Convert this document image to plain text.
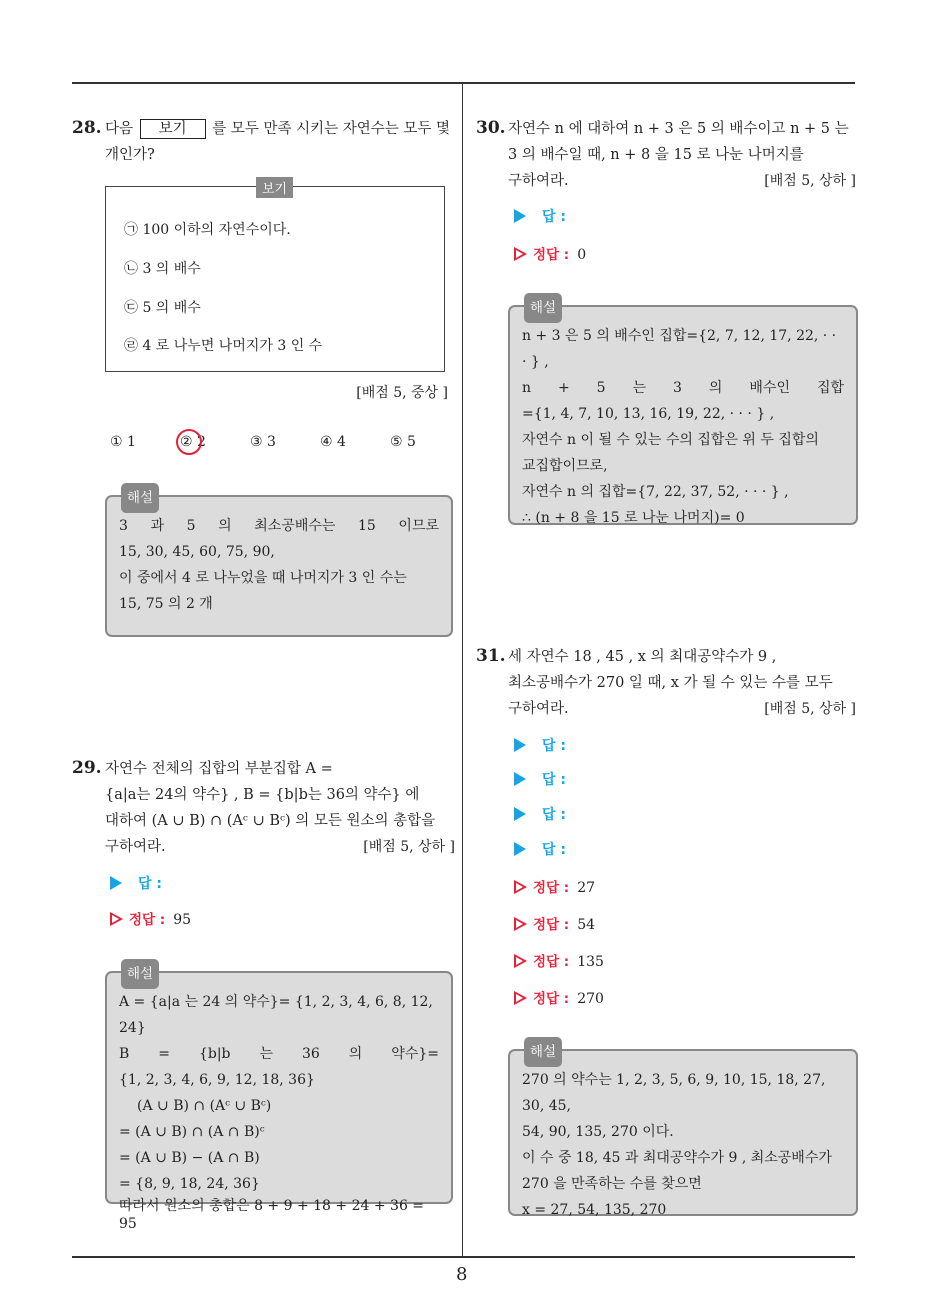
8
28. 다음 보기 를 모두 만족 시키는 자연수는 모두 몇
개인가?
보기
㉠ 100 이하의 자연수이다.
㉡ 3 의 배수
㉢ 5 의 배수
㉣ 4 로 나누면 나머지가 3 인 수
[배점 5, 중상 ]
① 1	② 2	③ 3	④ 4	⑤ 5
해설
3 과 5 의 최소공배수는 15 이므로
15, 30, 45, 60, 75, 90,
이 중에서 4 로 나누었을 때 나머지가 3 인 수는
15, 75 의 2 개
29. 자연수 전체의 집합의 부분집합 A =
{a|a는 24의 약수} , B = {b|b는 36의 약수} 에
대하여 (A ∪ B) ∩ (Aᶜ ∪ Bᶜ) 의 모든 원소의 총합을
구하여라.	[배점 5, 상하 ]
답 :
정답 : 95
해설
A = {a|a 는 24 의 약수}= {1, 2, 3, 4, 6, 8, 12, 24}
B = {b|b 는 36 의 약수}=
{1, 2, 3, 4, 6, 9, 12, 18, 36}
(A ∪ B) ∩ (Aᶜ ∪ Bᶜ)
= (A ∪ B) ∩ (A ∩ B)ᶜ
= (A ∪ B) − (A ∩ B)
= {8, 9, 18, 24, 36}
따라서 원소의 총합은 8 + 9 + 18 + 24 + 36 = 95
30. 자연수 n 에 대하여 n + 3 은 5 의 배수이고 n + 5 는
3 의 배수일 때, n + 8 을 15 로 나눈 나머지를
구하여라.	[배점 5, 상하 ]
답 :
정답 : 0
해설
n + 3 은 5 의 배수인 집합={2, 7, 12, 17, 22, · · · } ,
n + 5 는 3 의 배수인 집합
={1, 4, 7, 10, 13, 16, 19, 22, · · · } ,
자연수 n 이 될 수 있는 수의 집합은 위 두 집합의
교집합이므로,
자연수 n 의 집합={7, 22, 37, 52, · · · } ,
∴ (n + 8 을 15 로 나눈 나머지)= 0
31. 세 자연수 18 , 45 , x 의 최대공약수가 9 ,
최소공배수가 270 일 때, x 가 될 수 있는 수를 모두
구하여라.	[배점 5, 상하 ]
답 :
답 :
답 :
답 :
정답 : 27
정답 : 54
정답 : 135
정답 : 270
해설
270 의 약수는 1, 2, 3, 5, 6, 9, 10, 15, 18, 27, 30, 45,
54, 90, 135, 270 이다.
이 수 중 18, 45 과 최대공약수가 9 , 최소공배수가
270 을 만족하는 수를 찾으면
x = 27, 54, 135, 270
